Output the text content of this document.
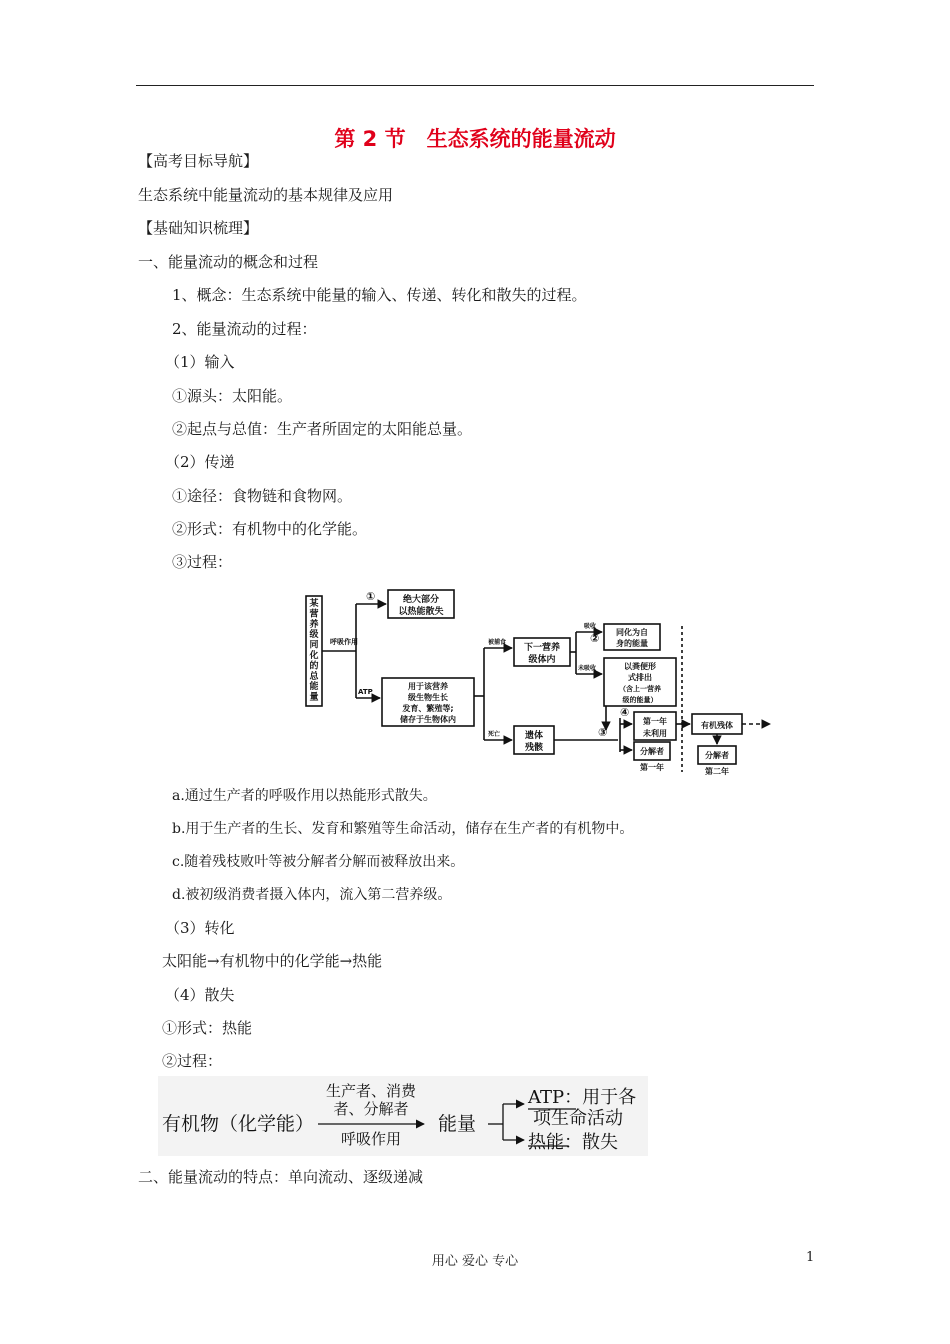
第 2 节　生态系统的能量流动
【高考目标导航】
生态系统中能量流动的基本规律及应用
【基础知识梳理】
一、能量流动的概念和过程
1、概念：生态系统中能量的输入、传递、转化和散失的过程。
2、能量流动的过程：
（1）输入
①源头：太阳能。
②起点与总值：生产者所固定的太阳能总量。
（2）传递
①途径：食物链和食物网。
②形式：有机物中的化学能。
③过程：
某营养级同化的总能量
呼吸作用
ATP
①	绝大部分
以热能散失
用于该营养
级生物生长
发育、繁殖等;
储存于生物体内
被捕食
死亡
下一营养
级体内
吸收
未吸收
② 同化为自
身的能量
以粪便形
式排出
（含上一营养
级的能量）
遗体
残骸
③
④
第一年
未利用
分解者
第一年
有机残体
分解者
第二年
a.通过生产者的呼吸作用以热能形式散失。
b.用于生产者的生长、发育和繁殖等生命活动，储存在生产者的有机物中。
c.随着残枝败叶等被分解者分解而被释放出来。
d.被初级消费者摄入体内，流入第二营养级。
（3）转化
太阳能→有机物中的化学能→热能
（4）散失
①形式：热能
②过程：
有机物（化学能）
生产者、消费
者、分解者
呼吸作用
能量
ATP：用于各
项生命活动
热能：散失
二、能量流动的特点：单向流动、逐级递减
用心 爱心 专心	1
